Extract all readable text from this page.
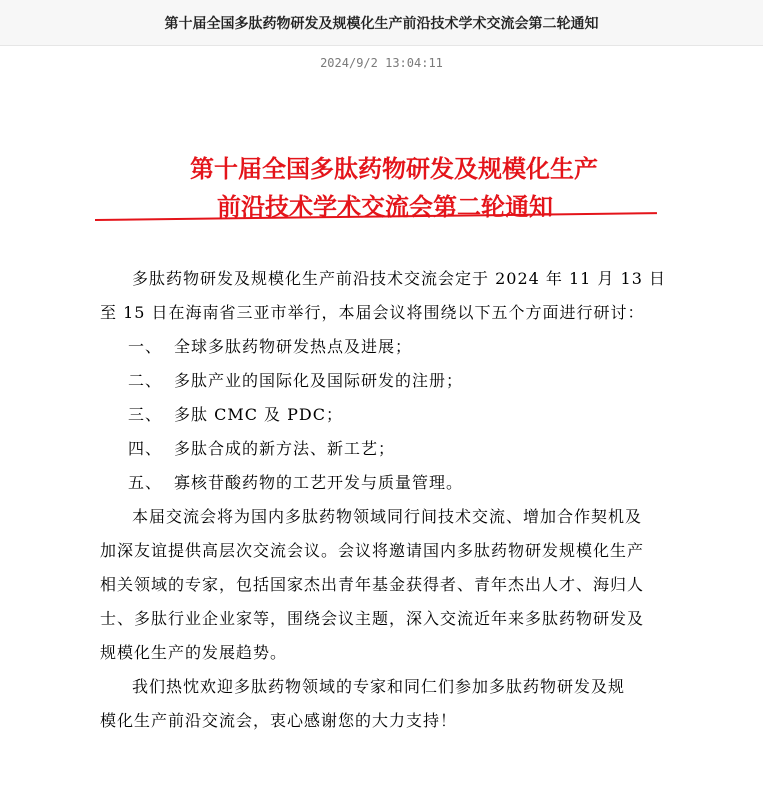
第十届全国多肽药物研发及规模化生产前沿技术学术交流会第二轮通知
2024/9/2 13:04:11
第十届全国多肽药物研发及规模化生产
前沿技术学术交流会第二轮通知

多肽药物研发及规模化生产前沿技术交流会定于 2024 年 11 月 13 日

至 15 日在海南省三亚市举行，本届会议将围绕以下五个方面进行研讨：

一、 全球多肽药物研发热点及进展；

二、 多肽产业的国际化及国际研发的注册；

三、 多肽 CMC 及 PDC；

四、 多肽合成的新方法、新工艺；

五、 寡核苷酸药物的工艺开发与质量管理。

本届交流会将为国内多肽药物领域同行间技术交流、增加合作契机及

加深友谊提供高层次交流会议。会议将邀请国内多肽药物研发规模化生产

相关领域的专家，包括国家杰出青年基金获得者、青年杰出人才、海归人

士、多肽行业企业家等，围绕会议主题，深入交流近年来多肽药物研发及

规模化生产的发展趋势。

我们热忱欢迎多肽药物领域的专家和同仁们参加多肽药物研发及规

模化生产前沿交流会，衷心感谢您的大力支持！
